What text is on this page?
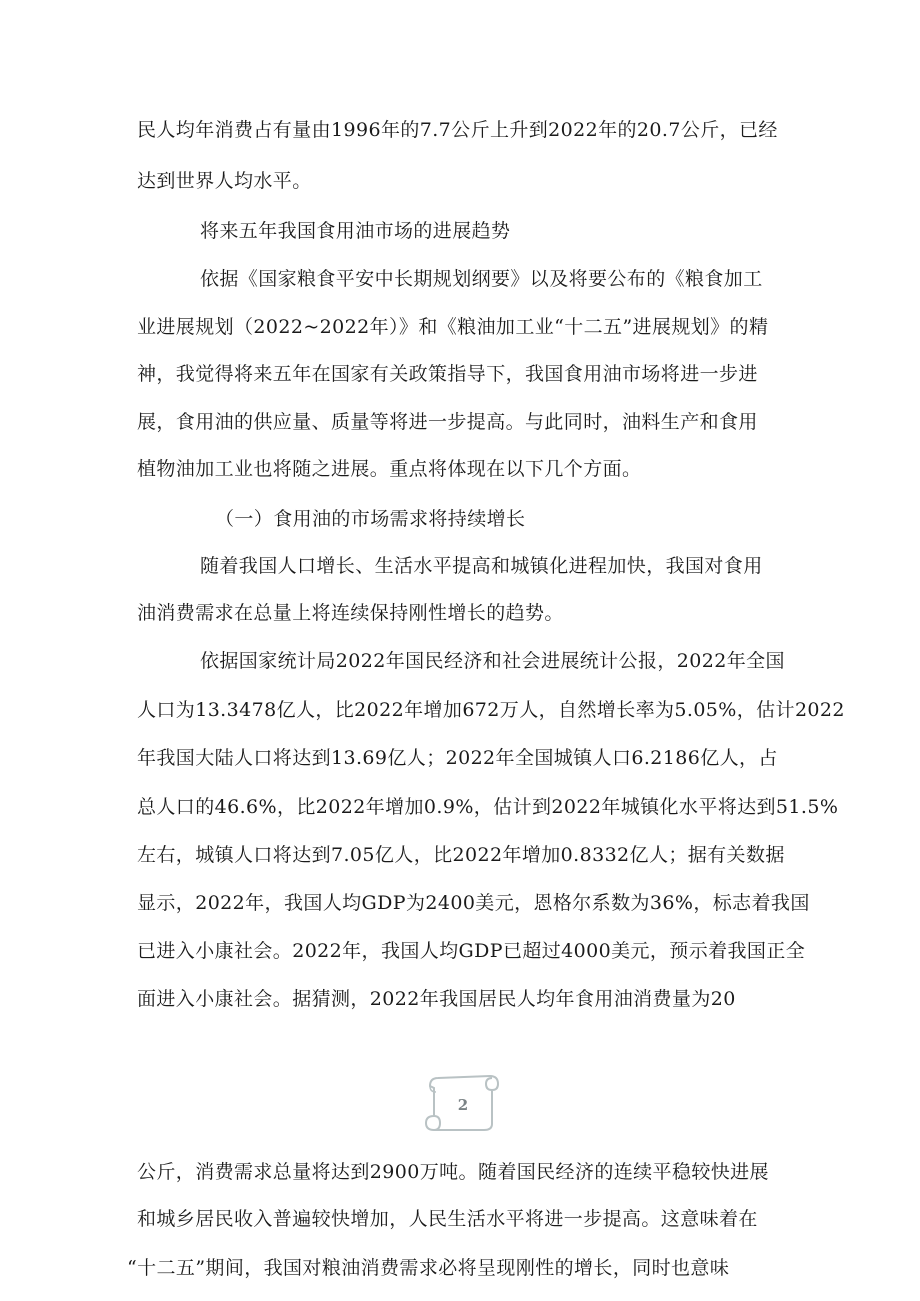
民人均年消费占有量由1996年的7.7公斤上升到2022年的20.7公斤，已经
达到世界人均水平。
将来五年我国食用油市场的进展趋势
依据《国家粮食平安中长期规划纲要》以及将要公布的《粮食加工
业进展规划（2022~2022年）》和《粮油加工业“十二五”进展规划》的精
神，我觉得将来五年在国家有关政策指导下，我国食用油市场将进一步进
展，食用油的供应量、质量等将进一步提高。与此同时，油料生产和食用
植物油加工业也将随之进展。重点将体现在以下几个方面。
（一）食用油的市场需求将持续增长
随着我国人口增长、生活水平提高和城镇化进程加快，我国对食用
油消费需求在总量上将连续保持刚性增长的趋势。
依据国家统计局2022年国民经济和社会进展统计公报，2022年全国
人口为13.3478亿人，比2022年增加672万人，自然增长率为5.05%，估计2022
年我国大陆人口将达到13.69亿人；2022年全国城镇人口6.2186亿人，占
总人口的46.6%，比2022年增加0.9%，估计到2022年城镇化水平将达到51.5%
左右，城镇人口将达到7.05亿人，比2022年增加0.8332亿人；据有关数据
显示，2022年，我国人均GDP为2400美元，恩格尔系数为36%，标志着我国
已进入小康社会。2022年，我国人均GDP已超过4000美元，预示着我国正全
面进入小康社会。据猜测，2022年我国居民人均年食用油消费量为20
2
公斤，消费需求总量将达到2900万吨。随着国民经济的连续平稳较快进展
和城乡居民收入普遍较快增加，人民生活水平将进一步提高。这意味着在
“十二五”期间，我国对粮油消费需求必将呈现刚性的增长，同时也意味
